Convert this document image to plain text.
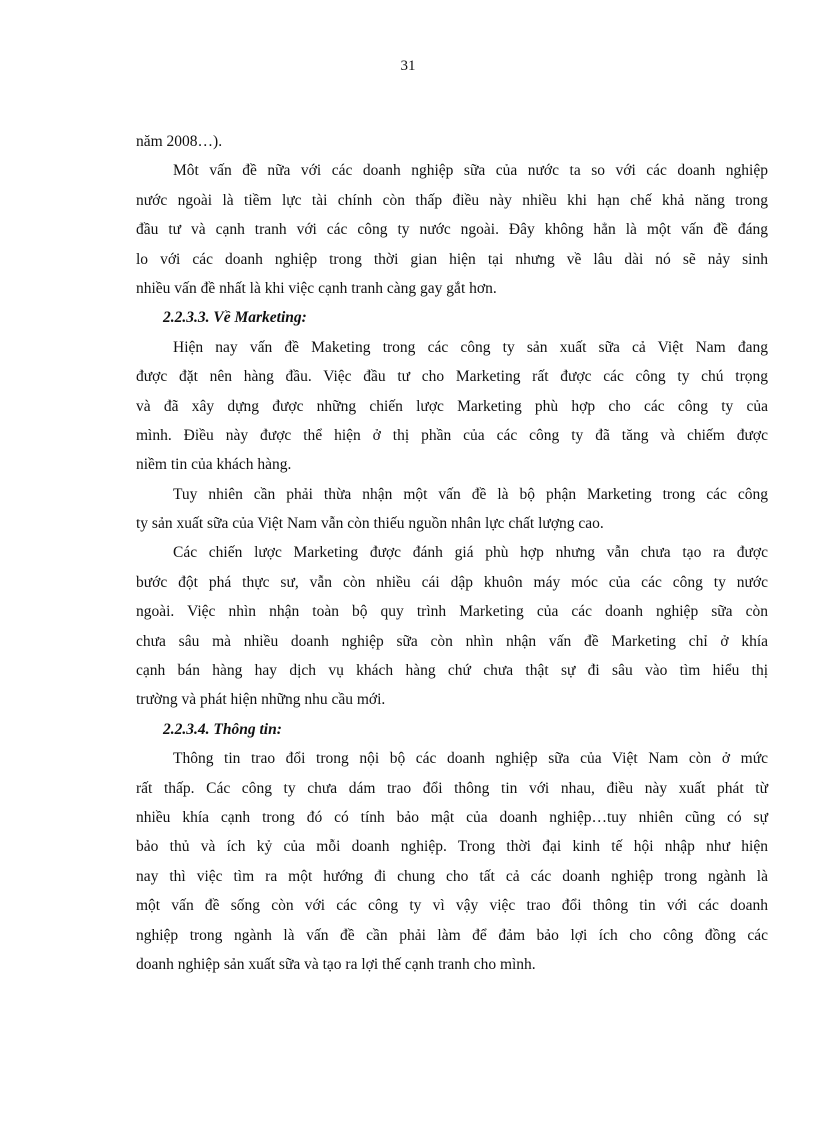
31
năm 2008…).
Môt vấn đề nữa với các doanh nghiệp sữa của nước ta so với các doanh nghiệp
nước ngoài là tiềm lực tài chính còn thấp điều này nhiều khi hạn chế khả năng trong
đầu tư và cạnh tranh với các công ty nước ngoài. Đây không hẳn là một vấn đề đáng
lo với các doanh nghiệp trong thời gian hiện tại nhưng về lâu dài nó sẽ nảy sinh
nhiều vấn đề nhất là khi việc cạnh tranh càng gay gắt hơn.
2.2.3.3. Về Marketing:
Hiện nay vấn đề Maketing trong các công ty sản xuất sữa cả Việt Nam đang
được đặt nên hàng đầu. Việc đầu tư cho Marketing rất được các công ty chú trọng
và đã xây dựng được những chiến lược Marketing phù hợp cho các công ty của
mình. Điều này được thể hiện ở thị phần của các công ty đã tăng và chiếm được
niềm tin của khách hàng.
Tuy nhiên cần phải thừa nhận một vấn đề là bộ phận Marketing trong các công
ty sản xuất sữa của Việt Nam vẫn còn thiếu nguồn nhân lực chất lượng cao.
Các chiến lược Marketing được đánh giá phù hợp nhưng vẫn chưa tạo ra được
bước đột phá thực sư, vẫn còn nhiều cái dập khuôn máy móc của các công ty nước
ngoài. Việc nhìn nhận toàn bộ quy trình Marketing của các doanh nghiệp sữa còn
chưa sâu mà nhiều doanh nghiệp sữa còn nhìn nhận vấn đề Marketing chỉ ở khía
cạnh bán hàng hay dịch vụ khách hàng chứ chưa thật sự đi sâu vào tìm hiểu thị
trường và phát hiện những nhu cầu mới.
2.2.3.4. Thông tin:
Thông tin trao đổi trong nội bộ các doanh nghiệp sữa của Việt Nam còn ở mức
rất thấp. Các công ty chưa dám trao đổi thông tin với nhau, điều này xuất phát từ
nhiều khía cạnh trong đó có tính bảo mật của doanh nghiệp…tuy nhiên cũng có sự
bảo thủ và ích kỷ của mỗi doanh nghiệp. Trong thời đại kinh tế hội nhập như hiện
nay thì việc tìm ra một hướng đi chung cho tất cả các doanh nghiệp trong ngành là
một vấn đề sống còn với các công ty vì vậy việc trao đổi thông tin với các doanh
nghiệp trong ngành là vấn đề cần phải làm để đảm bảo lợi ích cho công đồng các
doanh nghiệp sản xuất sữa và tạo ra lợi thế cạnh tranh cho mình.
